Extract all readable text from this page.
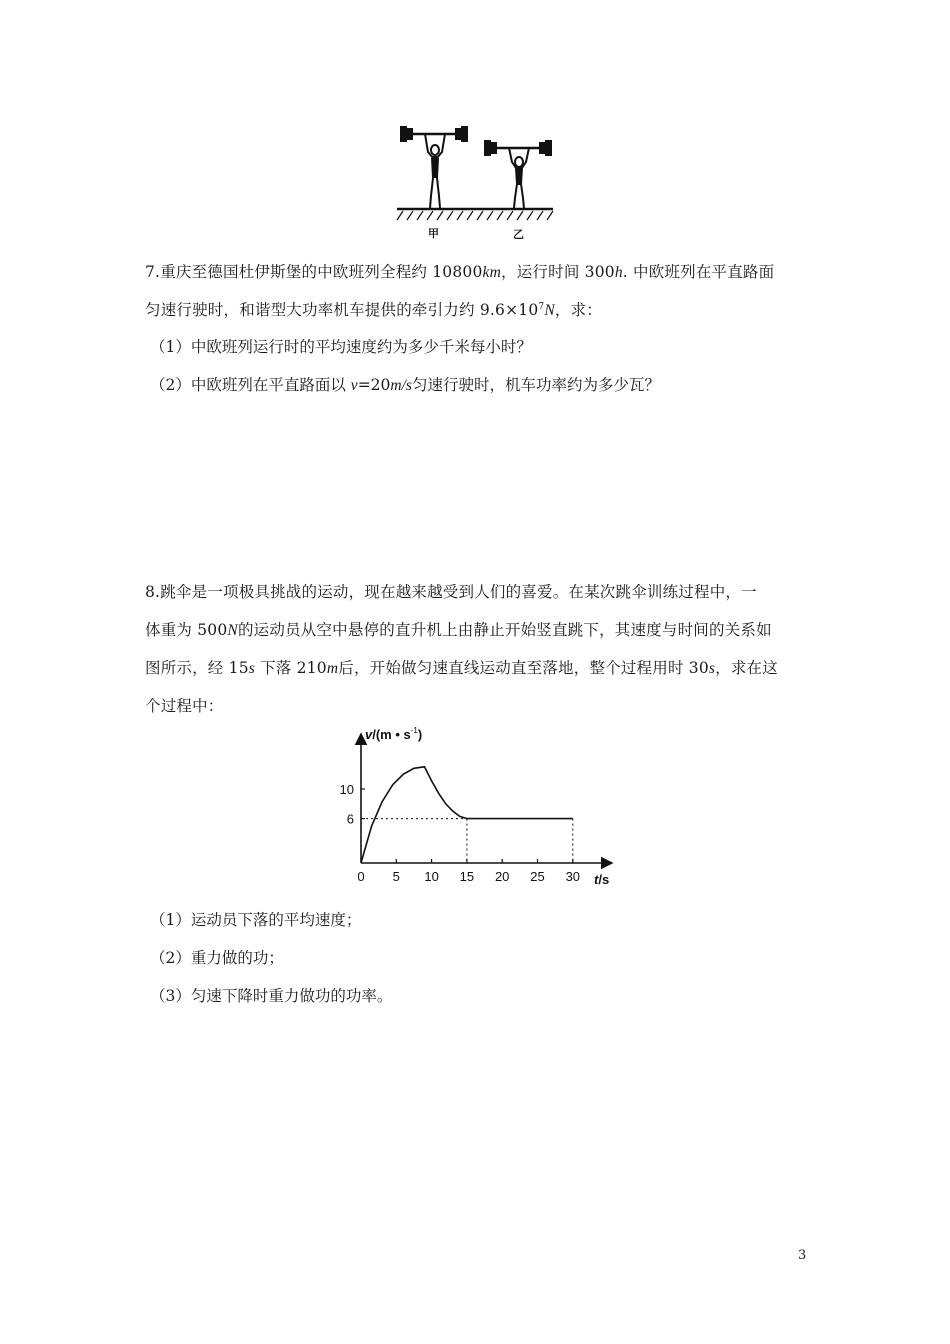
甲	乙
7.重庆至德国杜伊斯堡的中欧班列全程约 10800km，运行时间 300h. 中欧班列在平直路面
匀速行驶时，和谐型大功率机车提供的牵引力约 $9.6\times 10^7N$，求：
（1）中欧班列运行时的平均速度约为多少千米每小时？
（2）中欧班列在平直路面以 v=20m/s匀速行驶时，机车功率约为多少瓦？
8.跳伞是一项极具挑战的运动，现在越来越受到人们的喜爱。在某次跳伞训练过程中，一
体重为 500N的运动员从空中悬停的直升机上由静止开始竖直跳下，其速度与时间的关系如
图所示，经 15s 下落 210m后，开始做匀速直线运动直至落地，整个过程用时 30s，求在这
个过程中：
0 5 10 15 20 25 30
6
10
v/(m • $s^{-1}$)
t/s
（1）运动员下落的平均速度；
（2）重力做的功；
（3）匀速下降时重力做功的功率。
3
